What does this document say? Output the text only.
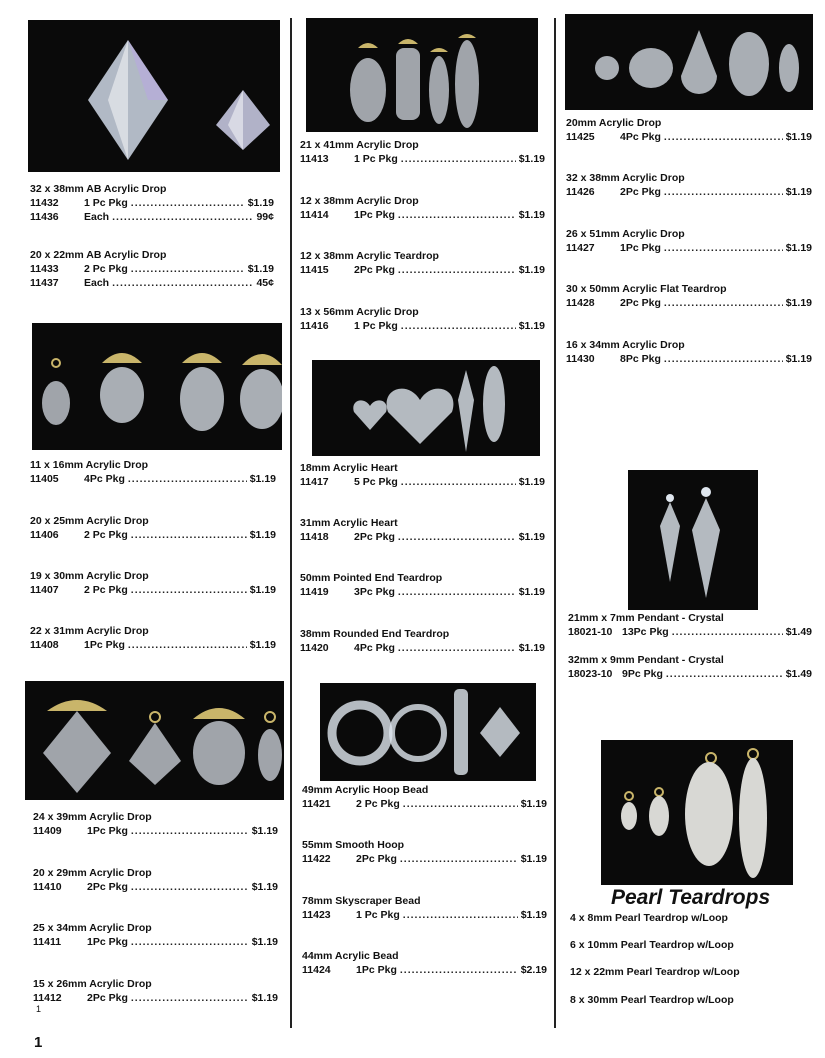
32 x 38mm AB Acrylic Drop
11432	1 Pc Pkg .....	$1.19
11436	Each .....	99¢
20 x 22mm AB Acrylic Drop
11433	2 Pc Pkg .....	$1.19
11437	Each .....	45¢
11 x 16mm Acrylic Drop
11405	4Pc Pkg .....	$1.19
20 x 25mm Acrylic Drop
11406	2 Pc Pkg .....	$1.19
19 x 30mm Acrylic Drop
11407	2 Pc Pkg .....	$1.19
22 x 31mm Acrylic Drop
11408	1Pc Pkg .....	$1.19
24 x 39mm Acrylic Drop
11409	1Pc Pkg .....	$1.19
20 x 29mm Acrylic Drop
11410	2Pc Pkg .....	$1.19
25 x 34mm Acrylic Drop
11411	1Pc Pkg .....	$1.19
15 x 26mm Acrylic Drop
11412	2Pc Pkg .....	$1.19
21 x 41mm Acrylic Drop
11413	1 Pc Pkg .....	$1.19
12 x 38mm Acrylic Drop
11414	1Pc Pkg .....	$1.19
12 x 38mm Acrylic Teardrop
11415	2Pc Pkg .....	$1.19
13 x 56mm Acrylic Drop
11416	1 Pc Pkg .....	$1.19
18mm Acrylic Heart
11417	5 Pc Pkg .....	$1.19
31mm Acrylic Heart
11418	2Pc Pkg .....	$1.19
50mm Pointed End Teardrop
11419	3Pc Pkg .....	$1.19
38mm Rounded End Teardrop
11420	4Pc Pkg .....	$1.19
49mm Acrylic Hoop Bead
11421	2 Pc Pkg .....	$1.19
55mm Smooth Hoop
11422	2Pc Pkg .....	$1.19
78mm Skyscraper Bead
11423	1 Pc Pkg .....	$1.19
44mm Acrylic Bead
11424	1Pc Pkg .....	$2.19
20mm Acrylic Drop
11425	4Pc Pkg .....	$1.19
32 x 38mm Acrylic Drop
11426	2Pc Pkg .....	$1.19
26 x 51mm Acrylic Drop
11427	1Pc Pkg .....	$1.19
30 x 50mm Acrylic Flat Teardrop
11428	2Pc Pkg .....	$1.19
16 x 34mm Acrylic Drop
11430	8Pc Pkg .....	$1.19
21mm x 7mm Pendant - Crystal
18021-10 13Pc Pkg .....	$1.49
32mm x 9mm Pendant - Crystal
18023-10 9Pc Pkg .....	$1.49
Pearl Teardrops
4 x 8mm Pearl Teardrop w/Loop
6 x 10mm Pearl Teardrop w/Loop
12 x 22mm Pearl Teardrop w/Loop
8 x 30mm Pearl Teardrop w/Loop
1
1
